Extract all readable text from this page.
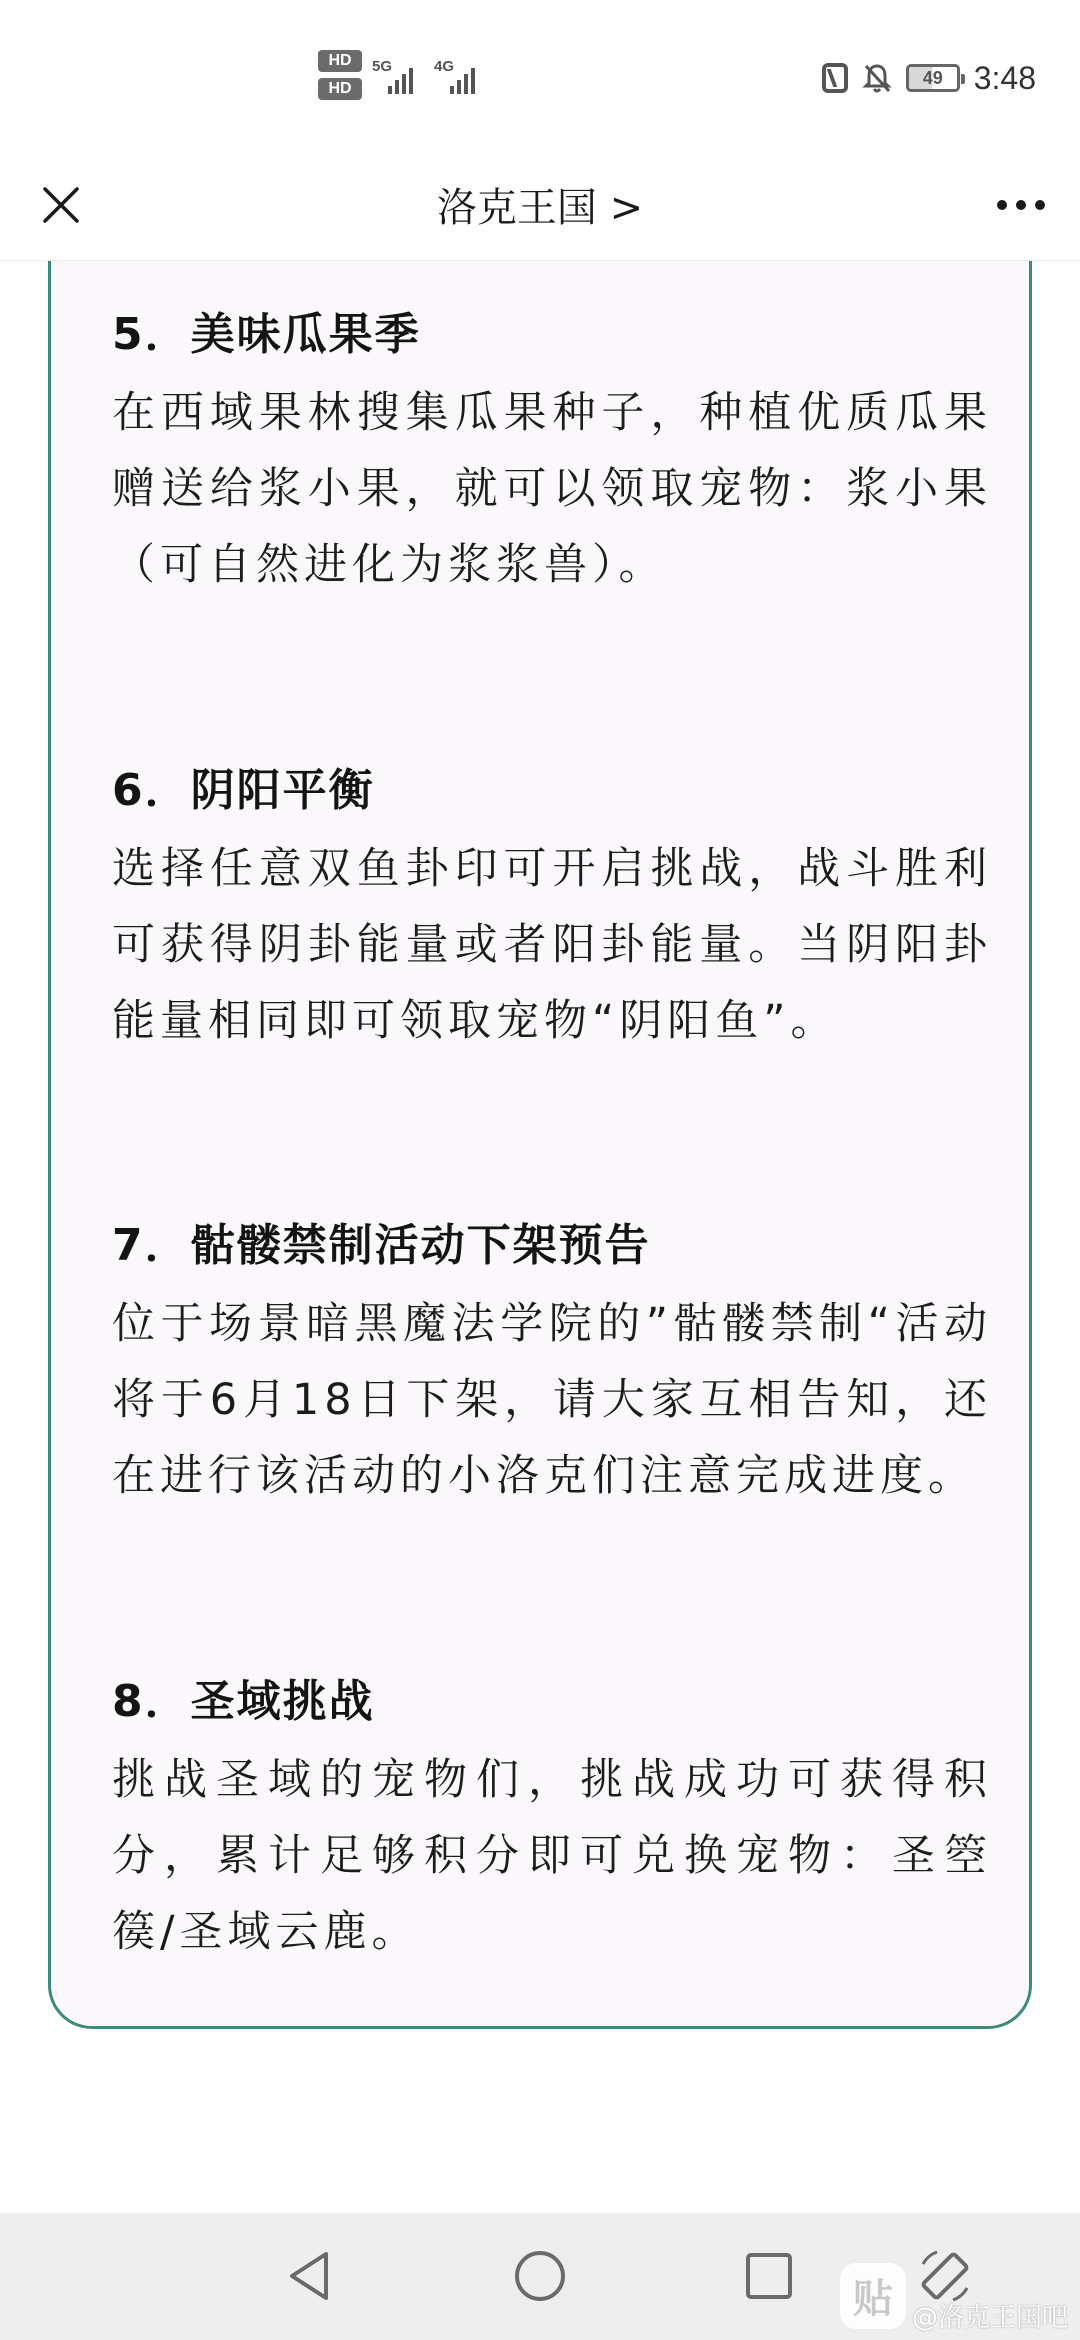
HD
HD
5G	4G
49 3:48
洛克王国 >
5．美味瓜果季

在西域果林搜集瓜果种子，种植优质瓜果赠送给浆小果，就可以领取宠物：浆小果（可自然进化为浆浆兽）。

6．阴阳平衡

选择任意双鱼卦印可开启挑战，战斗胜利可获得阴卦能量或者阳卦能量。当阴阳卦能量相同即可领取宠物“阴阳鱼”。

7．骷髅禁制活动下架预告

位于场景暗黑魔法学院的”骷髅禁制“活动将于6月18日下架，请大家互相告知，还在进行该活动的小洛克们注意完成进度。

8．圣域挑战

挑战圣域的宠物们，挑战成功可获得积分，累计足够积分即可兑换宠物：圣箜篌/圣域云鹿。

贴 @洛克王国吧
